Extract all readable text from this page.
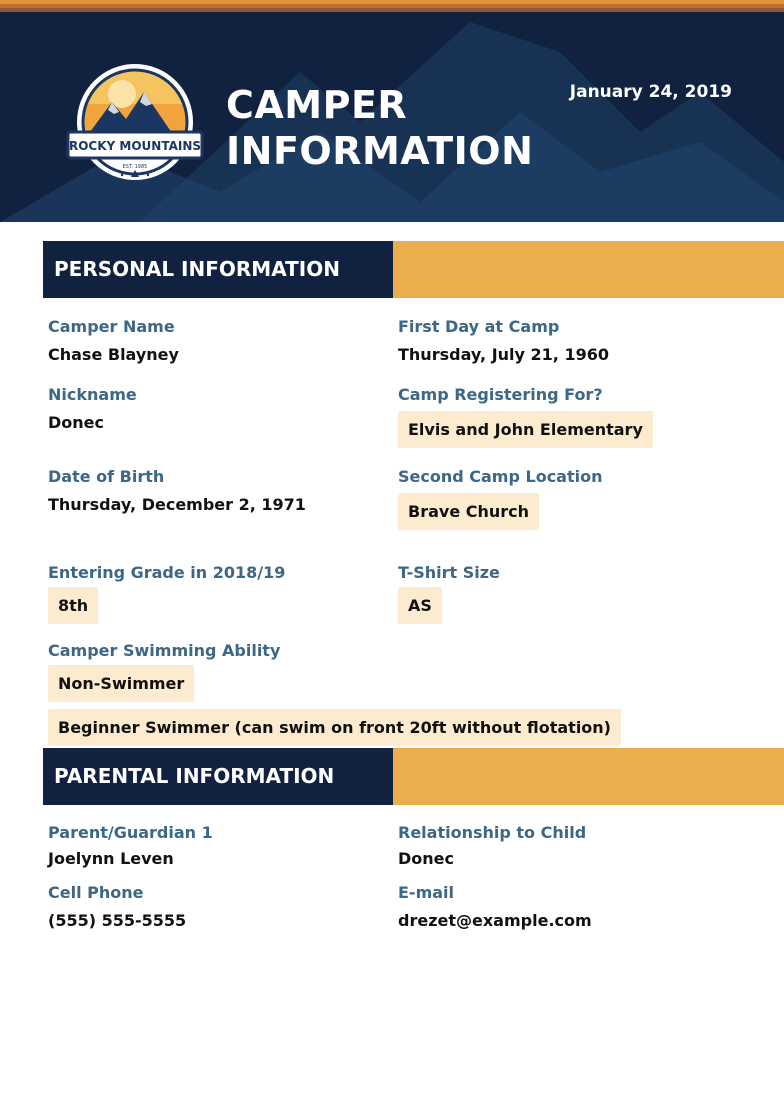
ROCKY MOUNTAINS
EST. 1985
CAMPER
INFORMATION
January 24, 2019
PERSONAL INFORMATION
Camper Name
Chase Blayney
First Day at Camp
Thursday, July 21, 1960
Nickname
Donec
Camp Registering For?
Elvis and John Elementary
Date of Birth
Thursday, December 2, 1971
Second Camp Location
Brave Church
Entering Grade in 2018/19
8th
T-Shirt Size
AS
Camper Swimming Ability
Non-Swimmer
Beginner Swimmer (can swim on front 20ft without flotation)
PARENTAL INFORMATION
Parent/Guardian 1
Joelynn Leven
Relationship to Child
Donec
Cell Phone
(555) 555-5555
E-mail
drezet@example.com
